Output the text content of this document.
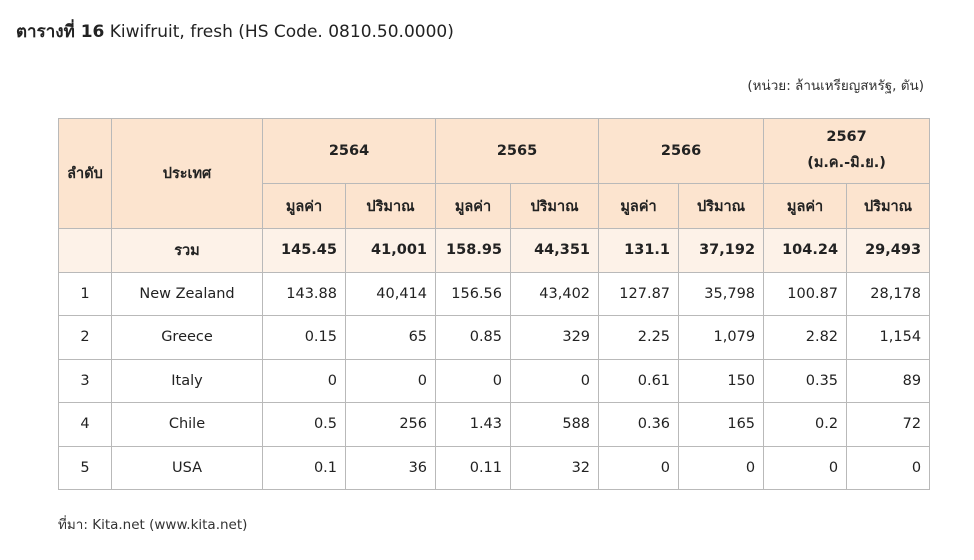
ตารางที่ 16 Kiwifruit, fresh (HS Code. 0810.50.0000)
(หน่วย: ล้านเหรียญสหรัฐ, ตัน)
ลำดับ	ประเทศ	2564		2565		2566		2567
(ม.ค.-มิ.ย.)	

		มูลค่า	ปริมาณ	มูลค่า	ปริมาณ	มูลค่า	ปริมาณ	มูลค่า	ปริมาณ
	รวม	145.45	41,001	158.95	44,351	131.1	37,192	104.24	29,493
1	New Zealand	143.88	40,414	156.56	43,402	127.87	35,798	100.87	28,178
2	Greece	0.15	65	0.85	329	2.25	1,079	2.82	1,154
3	Italy	0	0	0	0	0.61	150	0.35	89
4	Chile	0.5	256	1.43	588	0.36	165	0.2	72
5	USA	0.1	36	0.11	32	0	0	0	0
ที่มา: Kita.net (www.kita.net)
